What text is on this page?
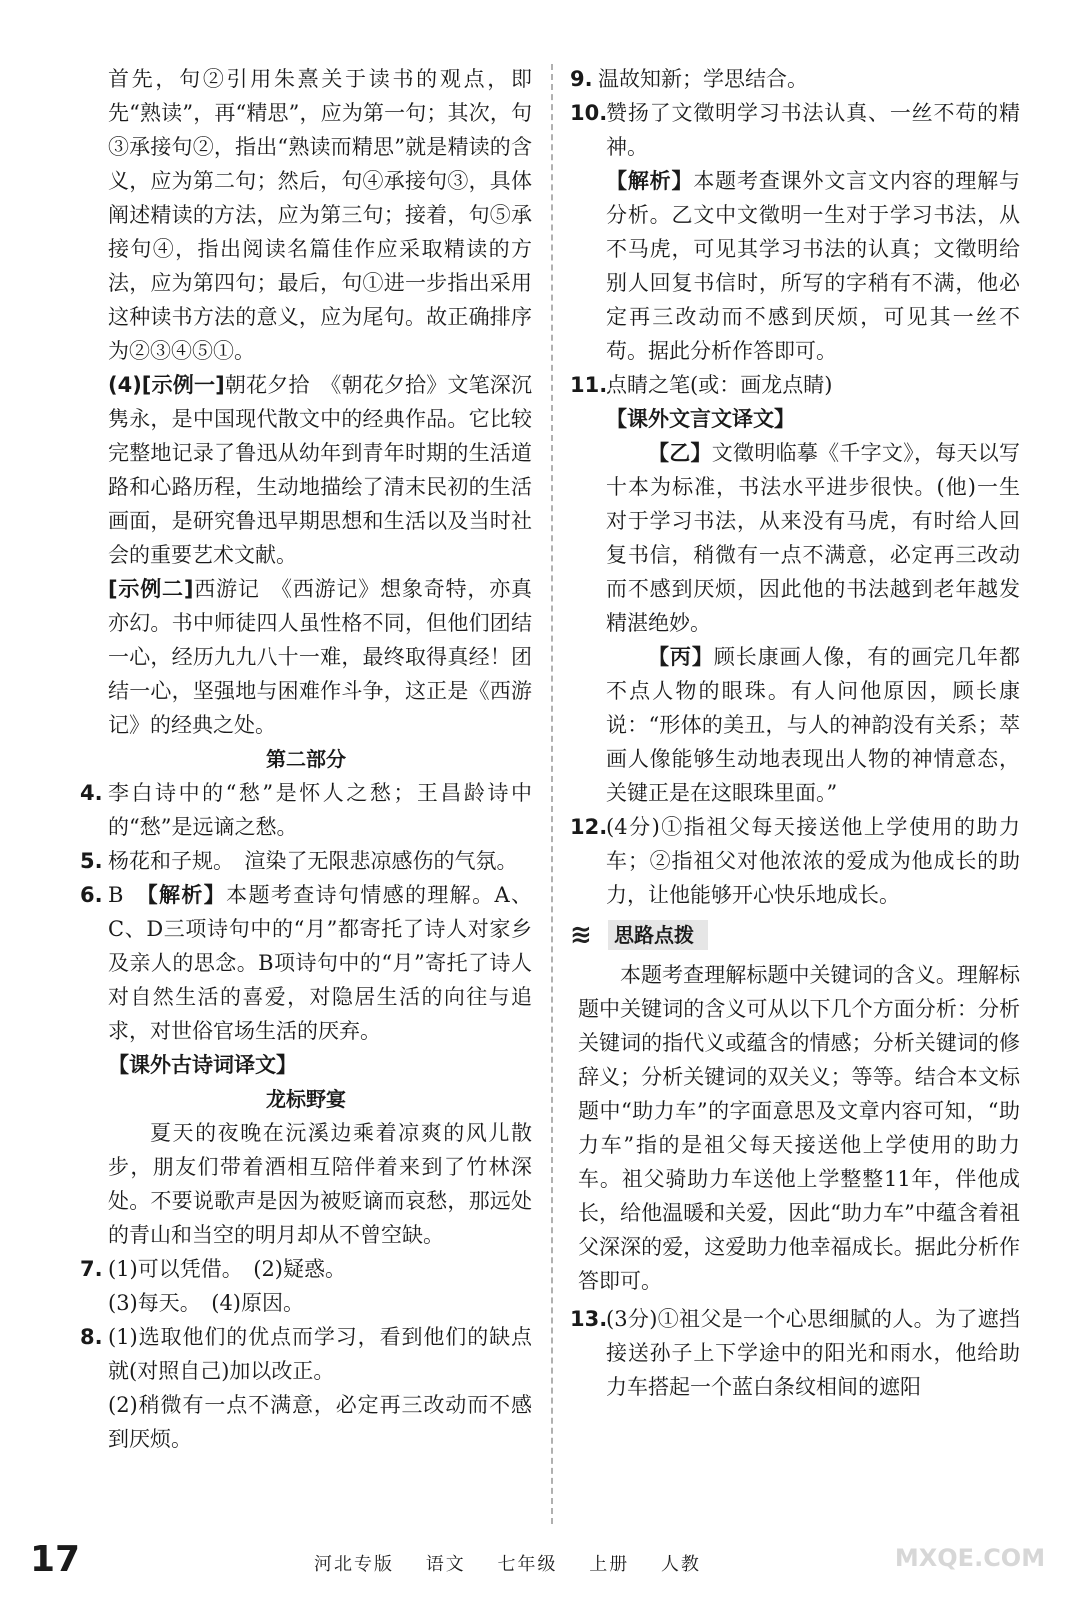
首先，句②引用朱熹关于读书的观点，即先“熟读”，再“精思”，应为第一句；其次，句③承接句②，指出“熟读而精思”就是精读的含义，应为第二句；然后，句④承接句③，具体阐述精读的方法，应为第三句；接着，句⑤承接句④，指出阅读名篇佳作应采取精读的方法，应为第四句；最后，句①进一步指出采用这种读书方法的意义，应为尾句。故正确排序为②③④⑤①。

(4)[示例一]朝花夕拾　《朝花夕拾》文笔深沉隽永，是中国现代散文中的经典作品。它比较完整地记录了鲁迅从幼年到青年时期的生活道路和心路历程，生动地描绘了清末民初的生活画面，是研究鲁迅早期思想和生活以及当时社会的重要艺术文献。

[示例二]西游记　《西游记》想象奇特，亦真亦幻。书中师徒四人虽性格不同，但他们团结一心，经历九九八十一难，最终取得真经！团结一心，坚强地与困难作斗争，这正是《西游记》的经典之处。

第二部分

4. 李白诗中的“愁”是怀人之愁；王昌龄诗中的“愁”是远谪之愁。

5. 杨花和子规。　渲染了无限悲凉感伤的气氛。

6. B　 【解析】本题考查诗句情感的理解。A、C、D三项诗句中的“月”都寄托了诗人对家乡及亲人的思念。B项诗句中的“月”寄托了诗人对自然生活的喜爱，对隐居生活的向往与追求，对世俗官场生活的厌弃。

【课外古诗词译文】

龙标野宴

夏天的夜晚在沅溪边乘着凉爽的风儿散步，朋友们带着酒相互陪伴着来到了竹林深处。不要说歌声是因为被贬谪而哀愁，那远处的青山和当空的明月却从不曾空缺。

7. (1)可以凭借。　(2)疑惑。

(3)每天。　(4)原因。

8. (1)选取他们的优点而学习，看到他们的缺点就(对照自己)加以改正。

(2)稍微有一点不满意，必定再三改动而不感到厌烦。

9. 温故知新；学思结合。

10.

赞扬了文徵明学习书法认真、一丝不苟的精神。

【解析】本题考查课外文言文内容的理解与分析。乙文中文徵明一生对于学习书法，从不马虎，可见其学习书法的认真；文徵明给别人回复书信时，所写的字稍有不满，他必定再三改动而不感到厌烦，可见其一丝不苟。据此分析作答即可。

11.

点睛之笔(或：画龙点睛)

【课外文言文译文】

【乙】文徵明临摹《千字文》，每天以写十本为标准，书法水平进步很快。(他)一生对于学习书法，从来没有马虎，有时给人回复书信，稍微有一点不满意，必定再三改动而不感到厌烦，因此他的书法越到老年越发精湛绝妙。

【丙】顾长康画人像，有的画完几年都不点人物的眼珠。有人问他原因，顾长康说：“形体的美丑，与人的神韵没有关系；萃画人像能够生动地表现出人物的神情意态，关键正是在这眼珠里面。”

12.

(4分)①指祖父每天接送他上学使用的助力车；②指祖父对他浓浓的爱成为他成长的助力，让他能够开心快乐地成长。

≋	思路点拨

本题考查理解标题中关键词的含义。理解标题中关键词的含义可从以下几个方面分析：分析关键词的指代义或蕴含的情感；分析关键词的修辞义；分析关键词的双关义；等等。结合本文标题中“助力车”的字面意思及文章内容可知，“助力车”指的是祖父每天接送他上学使用的助力车。祖父骑助力车送他上学整整11年，伴他成长，给他温暖和关爱，因此“助力车”中蕴含着祖父深深的爱，这爱助力他幸福成长。据此分析作答即可。

13.

(3分)①祖父是一个心思细腻的人。为了遮挡接送孙子上下学途中的阳光和雨水，他给助力车搭起一个蓝白条纹相间的遮阳

17	河北专版 语文 七年级 上册 人教	MXQE.COM
